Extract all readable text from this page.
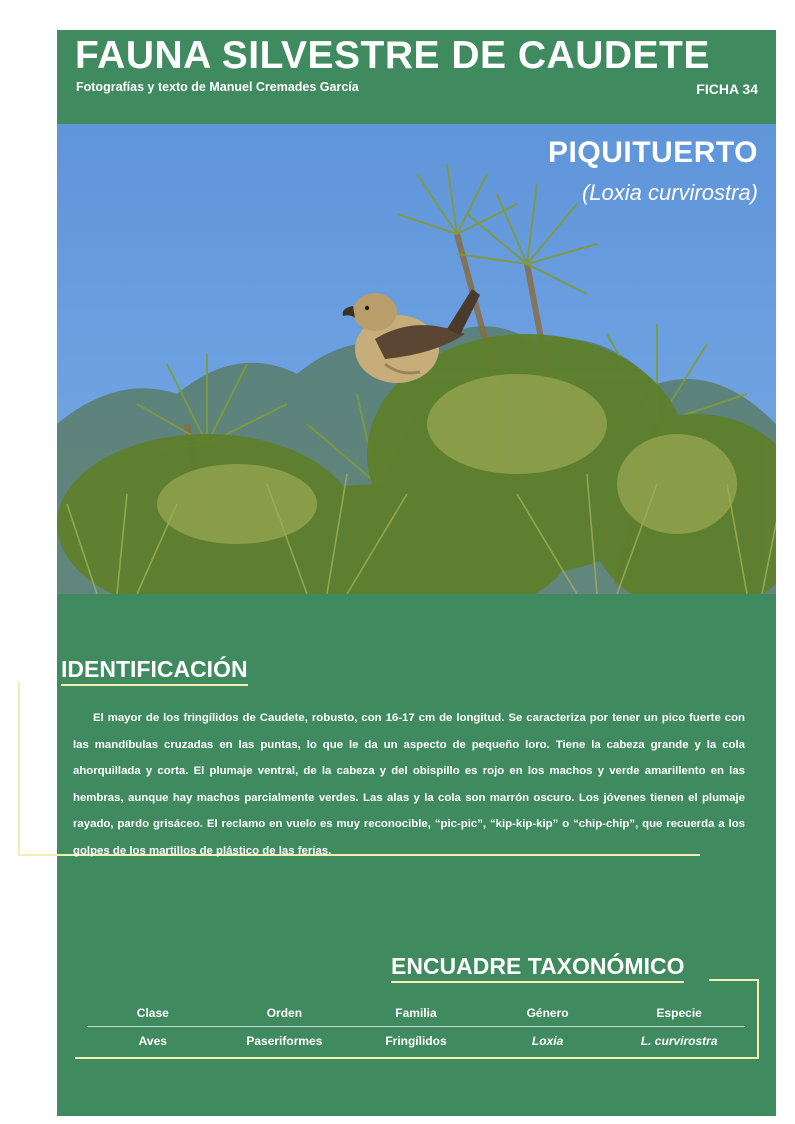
FAUNA SILVESTRE DE CAUDETE
Fotografías y texto de Manuel Cremades García	FICHA 34
PIQUITUERTO
(Loxia curvirostra)
IDENTIFICACIÓN

El mayor de los fringílidos de Caudete, robusto, con 16-17 cm de longitud. Se caracteriza por tener un pico fuerte con las mandíbulas cruzadas en las puntas, lo que le da un aspecto de pequeño loro. Tiene la cabeza grande y la cola ahorquillada y corta. El plumaje ventral, de la cabeza y del obispillo es rojo en los machos y verde amarillento en las hembras, aunque hay machos parcialmente verdes. Las alas y la cola son marrón oscuro. Los jóvenes tienen el plumaje rayado, pardo grisáceo. El reclamo en vuelo es muy reconocible, “pic-pic”, “kip-kip-kip” o “chip-chip”, que recuerda a los golpes de los martillos de plástico de las ferias.

ENCUADRE TAXONÓMICO
Clase	Orden	Familia	Género	Especie
Aves	Paseriformes	Fringílidos	Loxia	L. curvirostra
